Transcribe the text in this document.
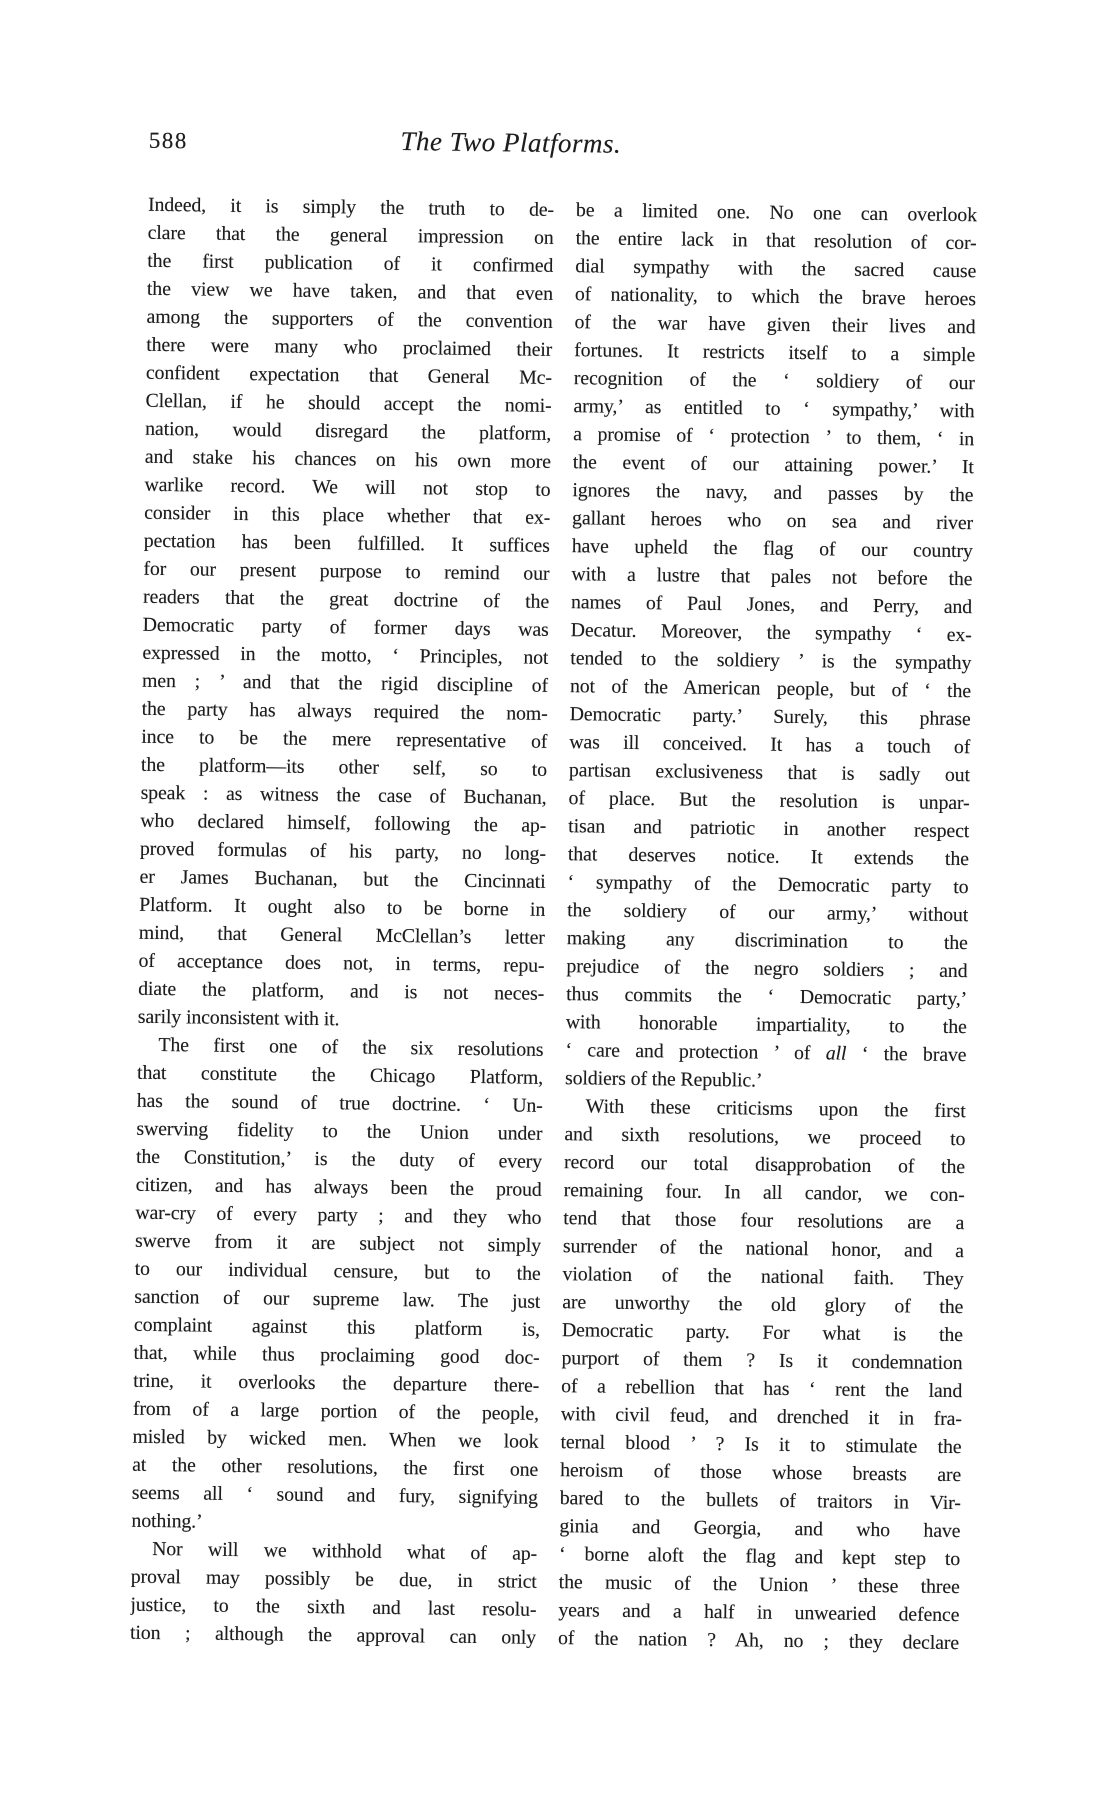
588	The Two Platforms.
Indeed, it is simply the truth to de-
clare that the general impression on
the first publication of it confirmed
the view we have taken, and that even
among the supporters of the convention
there were many who proclaimed their
confident expectation that General Mc-
Clellan, if he should accept the nomi-
nation, would disregard the platform,
and stake his chances on his own more
warlike record. We will not stop to
consider in this place whether that ex-
pectation has been fulfilled. It suffices
for our present purpose to remind our
readers that the great doctrine of the
Democratic party of former days was
expressed in the motto, ‘ Principles, not
men ; ’ and that the rigid discipline of
the party has always required the nom-
ince to be the mere representative of
the platform—its other self, so to
speak : as witness the case of Buchanan,
who declared himself, following the ap-
proved formulas of his party, no long-
er James Buchanan, but the Cincinnati
Platform. It ought also to be borne in
mind, that General McClellan’s letter
of acceptance does not, in terms, repu-
diate the platform, and is not neces-
sarily inconsistent with it.
The first one of the six resolutions
that constitute the Chicago Platform,
has the sound of true doctrine. ‘ Un-
swerving fidelity to the Union under
the Constitution,’ is the duty of every
citizen, and has always been the proud
war-cry of every party ; and they who
swerve from it are subject not simply
to our individual censure, but to the
sanction of our supreme law. The just
complaint against this platform is,
that, while thus proclaiming good doc-
trine, it overlooks the departure there-
from of a large portion of the people,
misled by wicked men. When we look
at the other resolutions, the first one
seems all ‘ sound and fury, signifying
nothing.’
Nor will we withhold what of ap-
proval may possibly be due, in strict
justice, to the sixth and last resolu-
tion ; although the approval can only
be a limited one. No one can overlook
the entire lack in that resolution of cor-
dial sympathy with the sacred cause
of nationality, to which the brave heroes
of the war have given their lives and
fortunes. It restricts itself to a simple
recognition of the ‘ soldiery of our
army,’ as entitled to ‘ sympathy,’ with
a promise of ‘ protection ’ to them, ‘ in
the event of our attaining power.’ It
ignores the navy, and passes by the
gallant heroes who on sea and river
have upheld the flag of our country
with a lustre that pales not before the
names of Paul Jones, and Perry, and
Decatur. Moreover, the sympathy ‘ ex-
tended to the soldiery ’ is the sympathy
not of the American people, but of ‘ the
Democratic party.’ Surely, this phrase
was ill conceived. It has a touch of
partisan exclusiveness that is sadly out
of place. But the resolution is unpar-
tisan and patriotic in another respect
that deserves notice. It extends the
‘ sympathy of the Democratic party to
the soldiery of our army,’ without
making any discrimination to the
prejudice of the negro soldiers ; and
thus commits the ‘ Democratic party,’
with honorable impartiality, to the
‘ care and protection ’ of all ‘ the brave
soldiers of the Republic.’
With these criticisms upon the first
and sixth resolutions, we proceed to
record our total disapprobation of the
remaining four. In all candor, we con-
tend that those four resolutions are a
surrender of the national honor, and a
violation of the national faith. They
are unworthy the old glory of the
Democratic party. For what is the
purport of them ? Is it condemnation
of a rebellion that has ‘ rent the land
with civil feud, and drenched it in fra-
ternal blood ’ ? Is it to stimulate the
heroism of those whose breasts are
bared to the bullets of traitors in Vir-
ginia and Georgia, and who have
‘ borne aloft the flag and kept step to
the music of the Union ’ these three
years and a half in unwearied defence
of the nation ? Ah, no ; they declare
